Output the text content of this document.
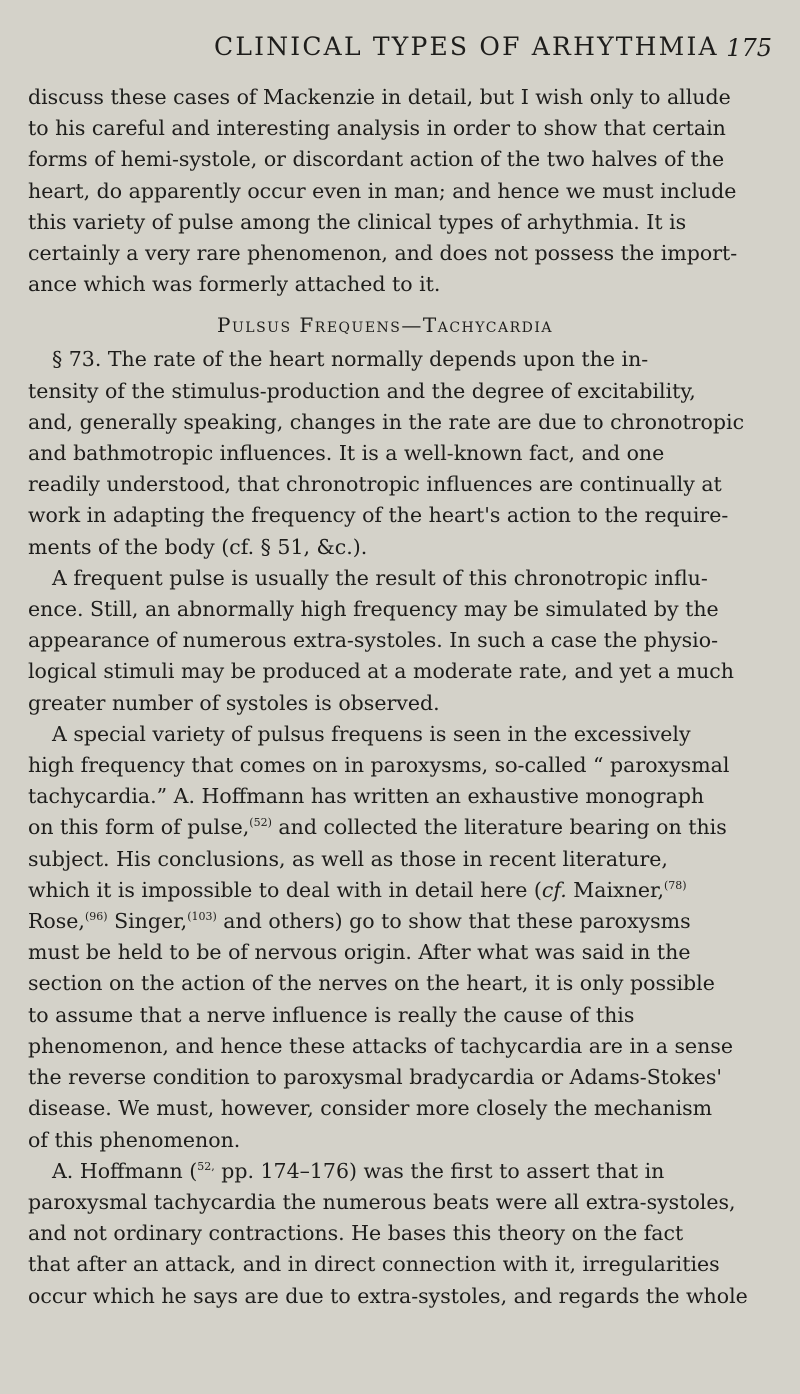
CLINICAL TYPES OF ARHYTHMIA 175

discuss these cases of Mackenzie in detail, but I wish only to allude
to his careful and interesting analysis in order to show that certain
forms of hemi-systole, or discordant action of the two halves of the
heart, do apparently occur even in man; and hence we must include
this variety of pulse among the clinical types of arhythmia. It is
certainly a very rare phenomenon, and does not possess the import-
ance which was formerly attached to it.

Pulsus Frequens—Tachycardia

§ 73. The rate of the heart normally depends upon the in-
tensity of the stimulus-production and the degree of excitability,
and, generally speaking, changes in the rate are due to chronotropic
and bathmotropic influences. It is a well-known fact, and one
readily understood, that chronotropic influences are continually at
work in adapting the frequency of the heart's action to the require-
ments of the body (cf. § 51, &c.).

A frequent pulse is usually the result of this chronotropic influ-
ence. Still, an abnormally high frequency may be simulated by the
appearance of numerous extra-systoles. In such a case the physio-
logical stimuli may be produced at a moderate rate, and yet a much
greater number of systoles is observed.

A special variety of pulsus frequens is seen in the excessively
high frequency that comes on in paroxysms, so-called “ paroxysmal
tachycardia.” A. Hoffmann has written an exhaustive monograph
on this form of pulse,$^{(52)}$ and collected the literature bearing on this
subject. His conclusions, as well as those in recent literature,
which it is impossible to deal with in detail here (cf. Maixner,$^{(78)}$
Rose,$^{(96)}$ Singer,$^{(103)}$ and others) go to show that these paroxysms
must be held to be of nervous origin. After what was said in the
section on the action of the nerves on the heart, it is only possible
to assume that a nerve influence is really the cause of this
phenomenon, and hence these attacks of tachycardia are in a sense
the reverse condition to paroxysmal bradycardia or Adams-Stokes'
disease. We must, however, consider more closely the mechanism
of this phenomenon.

A. Hoffmann ($^{52,}$ pp. 174–176) was the first to assert that in
paroxysmal tachycardia the numerous beats were all extra-systoles,
and not ordinary contractions. He bases this theory on the fact
that after an attack, and in direct connection with it, irregularities
occur which he says are due to extra-systoles, and regards the whole
